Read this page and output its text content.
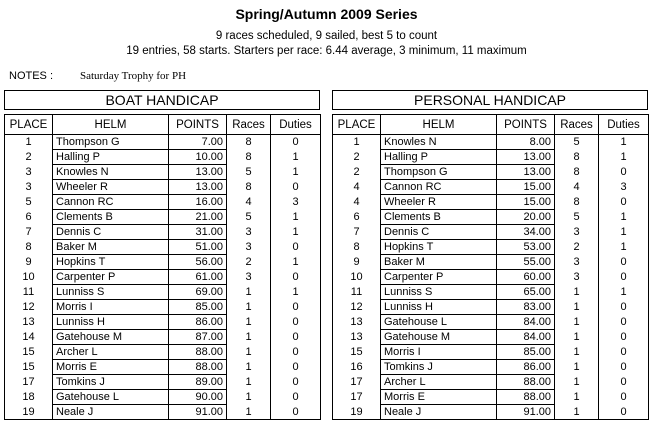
Spring/Autumn 2009 Series
9 races scheduled, 9 sailed, best 5 to count
19 entries, 58 starts. Starters per race: 6.44 average, 3 minimum, 11 maximum
NOTES : Saturday Trophy for PH
BOAT HANDICAP	PERSONAL HANDICAP
PLACE	HELM	POINTS	Races	Duties
1	Thompson G	7.00	8	0
2	Halling P	10.00	8	1
3	Knowles N	13.00	5	1
3	Wheeler R	13.00	8	0
5	Cannon RC	16.00	4	3
6	Clements B	21.00	5	1
7	Dennis C	31.00	3	1
8	Baker M	51.00	3	0
9	Hopkins T	56.00	2	1
10	Carpenter P	61.00	3	0
11	Lunniss S	69.00	1	1
12	Morris I	85.00	1	0
13	Lunniss H	86.00	1	0
14	Gatehouse M	87.00	1	0
15	Archer L	88.00	1	0
15	Morris E	88.00	1	0
17	Tomkins J	89.00	1	0
18	Gatehouse L	90.00	1	0
19	Neale J	91.00	1	0
PLACE	HELM	POINTS	Races	Duties
1	Knowles N	8.00	5	1
2	Halling P	13.00	8	1
2	Thompson G	13.00	8	0
4	Cannon RC	15.00	4	3
4	Wheeler R	15.00	8	0
6	Clements B	20.00	5	1
7	Dennis C	34.00	3	1
8	Hopkins T	53.00	2	1
9	Baker M	55.00	3	0
10	Carpenter P	60.00	3	0
11	Lunniss S	65.00	1	1
12	Lunniss H	83.00	1	0
13	Gatehouse L	84.00	1	0
13	Gatehouse M	84.00	1	0
15	Morris I	85.00	1	0
16	Tomkins J	86.00	1	0
17	Archer L	88.00	1	0
17	Morris E	88.00	1	0
19	Neale J	91.00	1	0
